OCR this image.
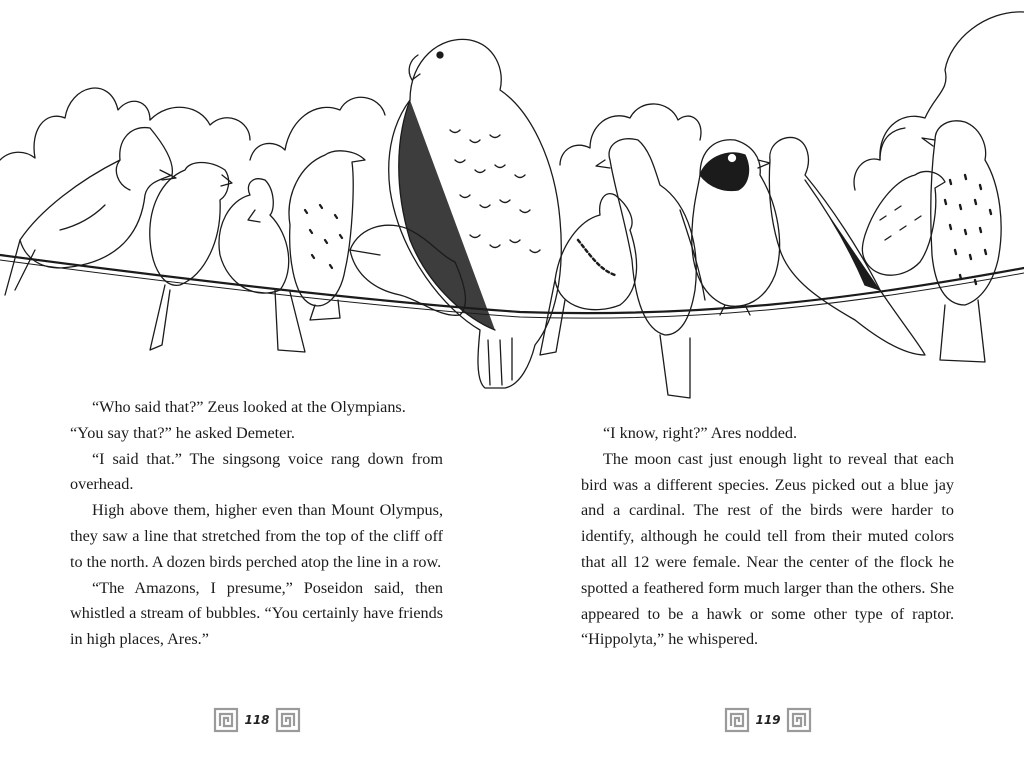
“Who said that?” Zeus looked at the Olympians.

“You say that?” he asked Demeter.

“I said that.” The singsong voice rang down from overhead.

High above them, higher even than Mount Olympus, they saw a line that stretched from the top of the cliff off to the north. A dozen birds perched atop the line in a row.

“The Amazons, I presume,” Poseidon said, then whistled a stream of bubbles. “You certainly have friends in high places, Ares.”

“I know, right?” Ares nodded.

The moon cast just enough light to reveal that each bird was a different species. Zeus picked out a blue jay and a cardinal. The rest of the birds were harder to identify, although he could tell from their muted colors that all 12 were female. Near the center of the flock he spotted a feathered form much larger than the others. She appeared to be a hawk or some other type of raptor. “Hippolyta,” he whispered.

118	119
